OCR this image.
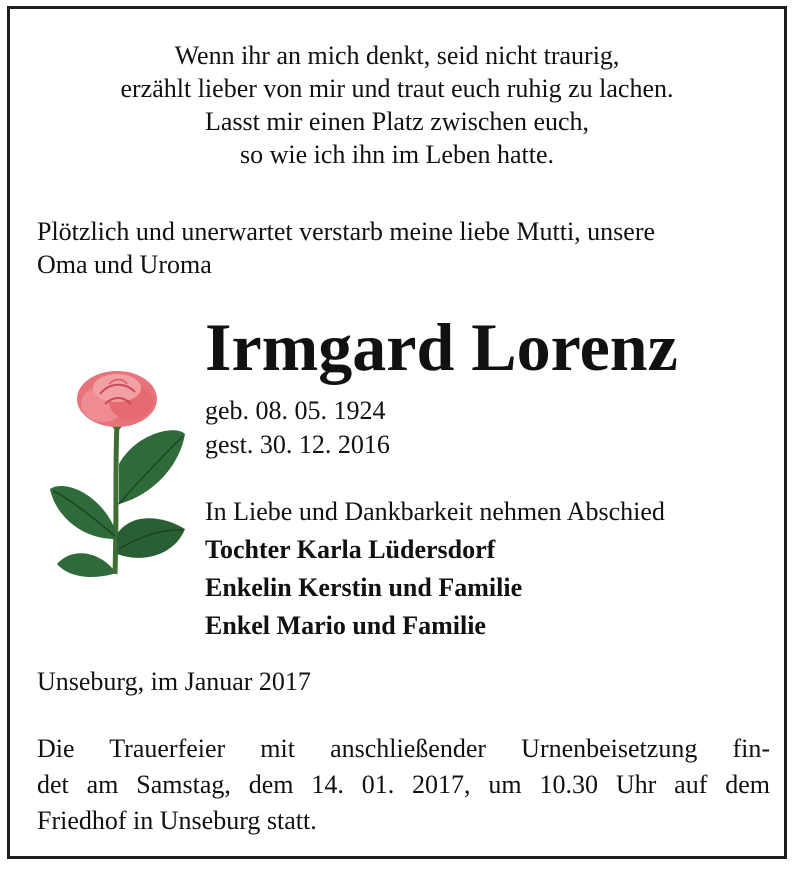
Wenn ihr an mich denkt, seid nicht traurig,
erzählt lieber von mir und traut euch ruhig zu lachen.
Lasst mir einen Platz zwischen euch,
so wie ich ihn im Leben hatte.
Plötzlich und unerwartet verstarb meine liebe Mutti, unsere
Oma und Uroma
Irmgard Lorenz
geb. 08. 05. 1924
gest. 30. 12. 2016
In Liebe und Dankbarkeit nehmen Abschied
Tochter Karla Lüdersdorf
Enkelin Kerstin und Familie
Enkel Mario und Familie
Unseburg, im Januar 2017
Die Trauerfeier mit anschließender Urnenbeisetzung fin-
det am Samstag, dem 14. 01. 2017, um 10.30 Uhr auf dem
Friedhof in Unseburg statt.
